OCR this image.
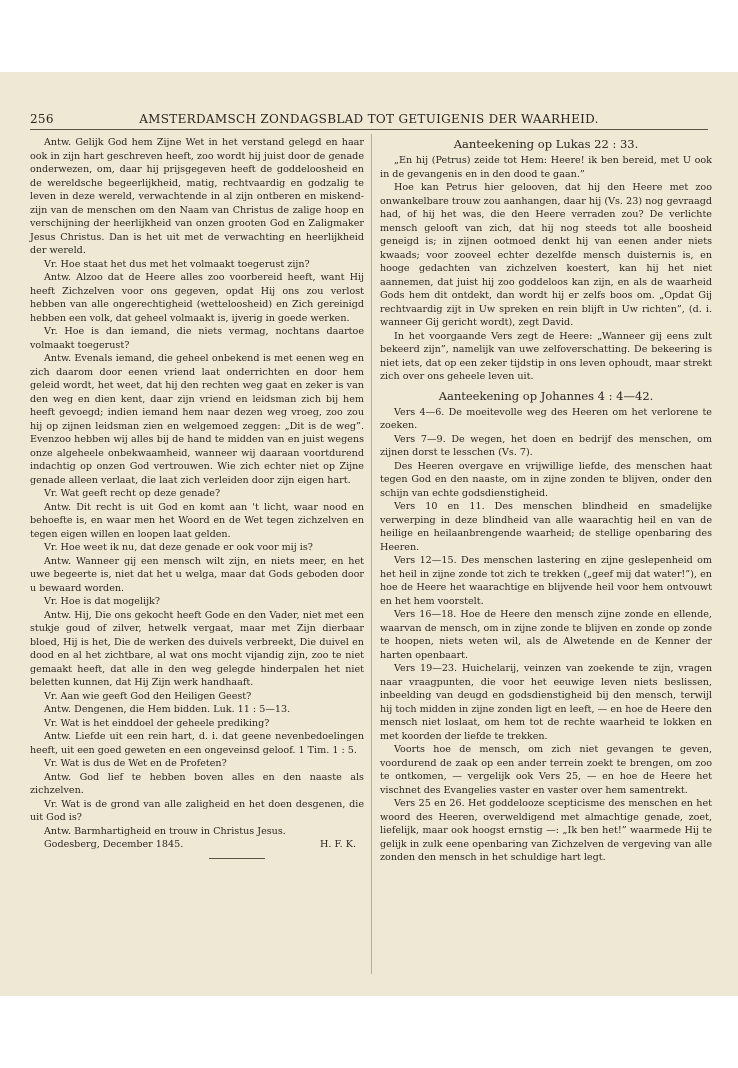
256	AMSTERDAMSCH ZONDAGSBLAD TOT GETUIGENIS DER WAARHEID.

Antw. Gelijk God hem Zijne Wet in het verstand gelegd en haar ook in zijn hart geschreven heeft, zoo wordt hij juist door de genade onderwezen, om, daar hij prijsgegeven heeft de goddeloosheid en de wereldsche begeerlijkheid, matig, rechtvaardig en godzalig te leven in deze wereld, verwachtende in al zijn ontberen en miskend-zijn van de menschen om den Naam van Christus de zalige hoop en verschijning der heerlijkheid van onzen grooten God en Zaligmaker Jesus Christus. Dan is het uit met de verwachting en heerlijkheid der wereld.

Vr. Hoe staat het dus met het volmaakt toegerust zijn?

Antw. Alzoo dat de Heere alles zoo voorbereid heeft, want Hij heeft Zichzelven voor ons gegeven, opdat Hij ons zou verlost hebben van alle ongerechtigheid (wetteloosheid) en Zich gereinigd hebben een volk, dat geheel volmaakt is, ijverig in goede werken.

Vr. Hoe is dan iemand, die niets vermag, nochtans daartoe volmaakt toegerust?

Antw. Evenals iemand, die geheel onbekend is met eenen weg en zich daarom door eenen vriend laat onderrichten en door hem geleid wordt, het weet, dat hij den rechten weg gaat en zeker is van den weg en dien kent, daar zijn vriend en leidsman zich bij hem heeft gevoegd; indien iemand hem naar dezen weg vroeg, zoo zou hij op zijnen leidsman zien en welgemoed zeggen: „Dit is de weg”. Evenzoo hebben wij alles bij de hand te midden van en juist wegens onze algeheele onbekwaamheid, wanneer wij daaraan voortdurend indachtig op onzen God vertrouwen. Wie zich echter niet op Zijne genade alleen verlaat, die laat zich verleiden door zijn eigen hart.

Vr. Wat geeft recht op deze genade?

Antw. Dit recht is uit God en komt aan 't licht, waar nood en behoefte is, en waar men het Woord en de Wet tegen zichzelven en tegen eigen willen en loopen laat gelden.

Vr. Hoe weet ik nu, dat deze genade er ook voor mij is?

Antw. Wanneer gij een mensch wilt zijn, en niets meer, en het uwe begeerte is, niet dat het u welga, maar dat Gods geboden door u bewaard worden.

Vr. Hoe is dat mogelijk?

Antw. Hij, Die ons gekocht heeft Gode en den Vader, niet met een stukje goud of zilver, hetwelk vergaat, maar met Zijn dierbaar bloed, Hij is het, Die de werken des duivels verbreekt, Die duivel en dood en al het zichtbare, al wat ons mocht vijandig zijn, zoo te niet gemaakt heeft, dat alle in den weg gelegde hinderpalen het niet beletten kunnen, dat Hij Zijn werk handhaaft.

Vr. Aan wie geeft God den Heiligen Geest?

Antw. Dengenen, die Hem bidden. Luk. 11 : 5—13.

Vr. Wat is het einddoel der geheele prediking?

Antw. Liefde uit een rein hart, d. i. dat geene nevenbedoelingen heeft, uit een goed geweten en een ongeveinsd geloof. 1 Tim. 1 : 5.

Vr. Wat is dus de Wet en de Profeten?

Antw. God lief te hebben boven alles en den naaste als zichzelven.

Vr. Wat is de grond van alle zaligheid en het doen desgenen, die uit God is?

Antw. Barmhartigheid en trouw in Christus Jesus.

Godesberg, December 1845.	H. F. K.

Aanteekening op Lukas 22 : 33.

„En hij (Petrus) zeide tot Hem: Heere! ik ben bereid, met U ook in de gevangenis en in den dood te gaan.”

Hoe kan Petrus hier gelooven, dat hij den Heere met zoo onwankelbare trouw zou aanhangen, daar hij (Vs. 23) nog gevraagd had, of hij het was, die den Heere verraden zou? De verlichte mensch gelooft van zich, dat hij nog steeds tot alle boosheid geneigd is; in zijnen ootmoed denkt hij van eenen ander niets kwaads; voor zooveel echter dezelfde mensch duisternis is, en hooge gedachten van zichzelven koestert, kan hij het niet aannemen, dat juist hij zoo goddeloos kan zijn, en als de waarheid Gods hem dit ontdekt, dan wordt hij er zelfs boos om. „Opdat Gij rechtvaardig zijt in Uw spreken en rein blijft in Uw richten”, (d. i. wanneer Gij gericht wordt), zegt David.

In het voorgaande Vers zegt de Heere: „Wanneer gij eens zult bekeerd zijn”, namelijk van uwe zelfoverschatting. De bekeering is niet iets, dat op een zeker tijdstip in ons leven ophoudt, maar strekt zich over ons geheele leven uit.

Aanteekening op Johannes 4 : 4—42.

Vers 4—6. De moeitevolle weg des Heeren om het verlorene te zoeken.

Vers 7—9. De wegen, het doen en bedrijf des menschen, om zijnen dorst te lesschen (Vs. 7).

Des Heeren overgave en vrijwillige liefde, des menschen haat tegen God en den naaste, om in zijne zonden te blijven, onder den schijn van echte godsdienstigheid.

Vers 10 en 11. Des menschen blindheid en smadelijke verwerping in deze blindheid van alle waarachtig heil en van de heilige en heilaanbrengende waarheid; de stellige openbaring des Heeren.

Vers 12—15. Des menschen lastering en zijne geslepenheid om het heil in zijne zonde tot zich te trekken („geef mij dat water!”), en hoe de Heere het waarachtige en blijvende heil voor hem ontvouwt en het hem voorstelt.

Vers 16—18. Hoe de Heere den mensch zijne zonde en ellende, waarvan de mensch, om in zijne zonde te blijven en zonde op zonde te hoopen, niets weten wil, als de Alwetende en de Kenner der harten openbaart.

Vers 19—23. Huichelarij, veinzen van zoekende te zijn, vragen naar vraagpunten, die voor het eeuwige leven niets beslissen, inbeelding van deugd en godsdienstigheid bij den mensch, terwijl hij toch midden in zijne zonden ligt en leeft, — en hoe de Heere den mensch niet loslaat, om hem tot de rechte waarheid te lokken en met koorden der liefde te trekken.

Voorts hoe de mensch, om zich niet gevangen te geven, voordurend de zaak op een ander terrein zoekt te brengen, om zoo te ontkomen, — vergelijk ook Vers 25, — en hoe de Heere het vischnet des Evangelies vaster en vaster over hem samentrekt.

Vers 25 en 26. Het goddelooze scepticisme des menschen en het woord des Heeren, overweldigend met almachtige genade, zoet, liefelijk, maar ook hoogst ernstig —: „Ik ben het!” waarmede Hij te gelijk in zulk eene openbaring van Zichzelven de vergeving van alle zonden den mensch in het schuldige hart legt.
